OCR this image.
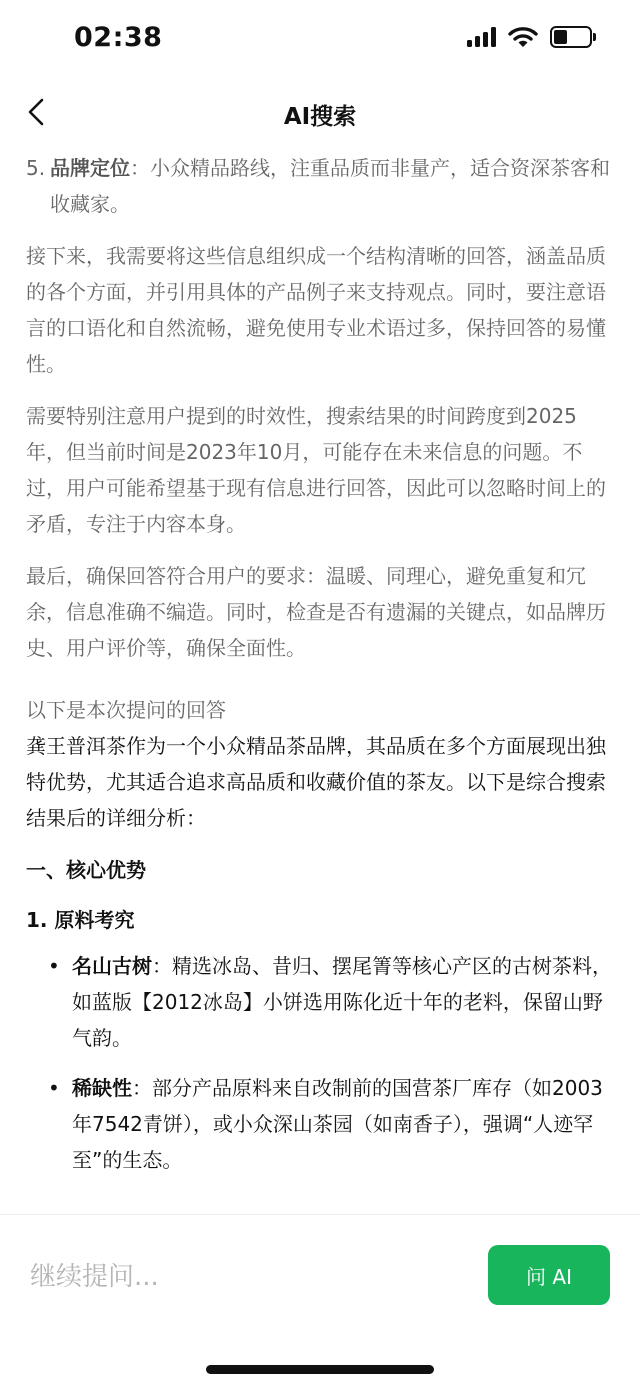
02:38
AI搜索
5. 品牌定位：小众精品路线，注重品质而非量产，适合资深茶客和收藏家。
接下来，我需要将这些信息组织成一个结构清晰的回答，涵盖品质的各个方面，并引用具体的产品例子来支持观点。同时，要注意语言的口语化和自然流畅，避免使用专业术语过多，保持回答的易懂性。
需要特别注意用户提到的时效性，搜索结果的时间跨度到2025年，但当前时间是2023年10月，可能存在未来信息的问题。不过，用户可能希望基于现有信息进行回答，因此可以忽略时间上的矛盾，专注于内容本身。
最后，确保回答符合用户的要求：温暖、同理心，避免重复和冗余，信息准确不编造。同时，检查是否有遗漏的关键点，如品牌历史、用户评价等，确保全面性。
以下是本次提问的回答
龚王普洱茶作为一个小众精品茶品牌，其品质在多个方面展现出独特优势，尤其适合追求高品质和收藏价值的茶友。以下是综合搜索结果后的详细分析：
一、核心优势
1. 原料考究
• 名山古树：精选冰岛、昔归、摆尾箐等核心产区的古树茶料，如蓝版【2012冰岛】小饼选用陈化近十年的老料，保留山野气韵。
• 稀缺性：部分产品原料来自改制前的国营茶厂库存（如2003年7542青饼），或小众深山茶园（如南香子），强调“人迹罕至”的生态。
继续提问...
问 AI
